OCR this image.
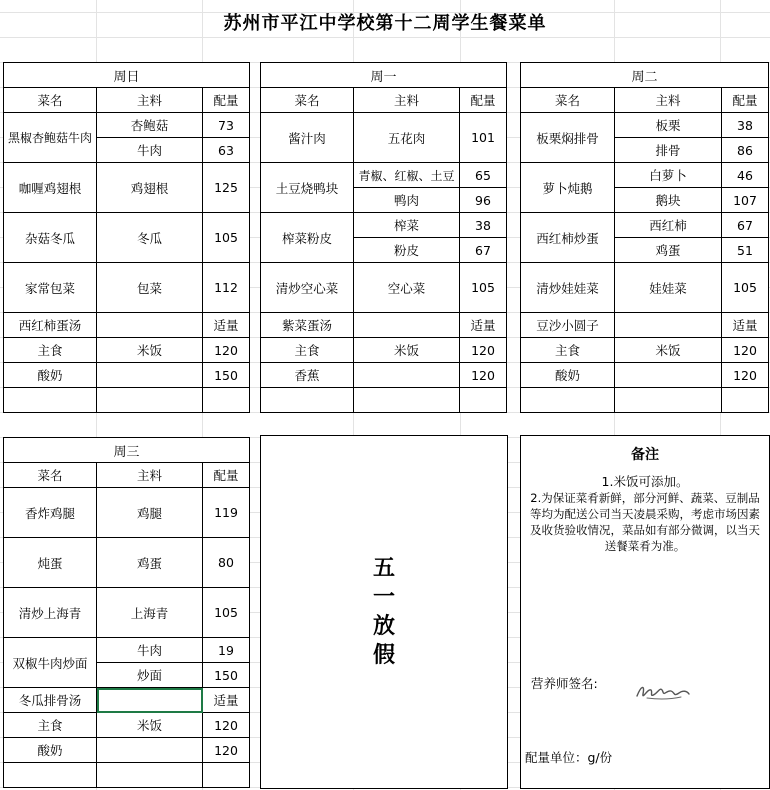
苏州市平江中学校第十二周学生餐菜单
周日		
菜名	主料	配量
黑椒杏鲍菇牛肉	杏鲍菇	73
	牛肉	63
咖喱鸡翅根	鸡翅根	125
杂菇冬瓜	冬瓜	105
家常包菜	包菜	112
西红柿蛋汤		适量
主食	米饭	120
酸奶		150

周一		
菜名	主料	配量
酱汁肉	五花肉	101
土豆烧鸭块	青椒、红椒、土豆	65
	鸭肉	96
榨菜粉皮	榨菜	38
	粉皮	67
清炒空心菜	空心菜	105
紫菜蛋汤		适量
主食	米饭	120
香蕉		120

周二		
菜名	主料	配量
板栗焖排骨	板栗	38
	排骨	86
萝卜炖鹅	白萝卜	46
	鹅块	107
西红柿炒蛋	西红柿	67
	鸡蛋	51
清炒娃娃菜	娃娃菜	105
豆沙小圆子		适量
主食	米饭	120
酸奶		120

周三		
菜名	主料	配量
香炸鸡腿	鸡腿	119
炖蛋	鸡蛋	80
清炒上海青	上海青	105
双椒牛肉炒面	牛肉	19
	炒面	150
冬瓜排骨汤		适量
主食	米饭	120
酸奶		120

五一放假
备注
1.米饭可添加。
2.为保证菜肴新鲜，部分河鲜、蔬菜、豆制品等均为配送公司当天凌晨采购，考虑市场因素及收货验收情况，菜品如有部分微调，以当天送餐菜肴为准。
营养师签名:
配量单位：g/份
